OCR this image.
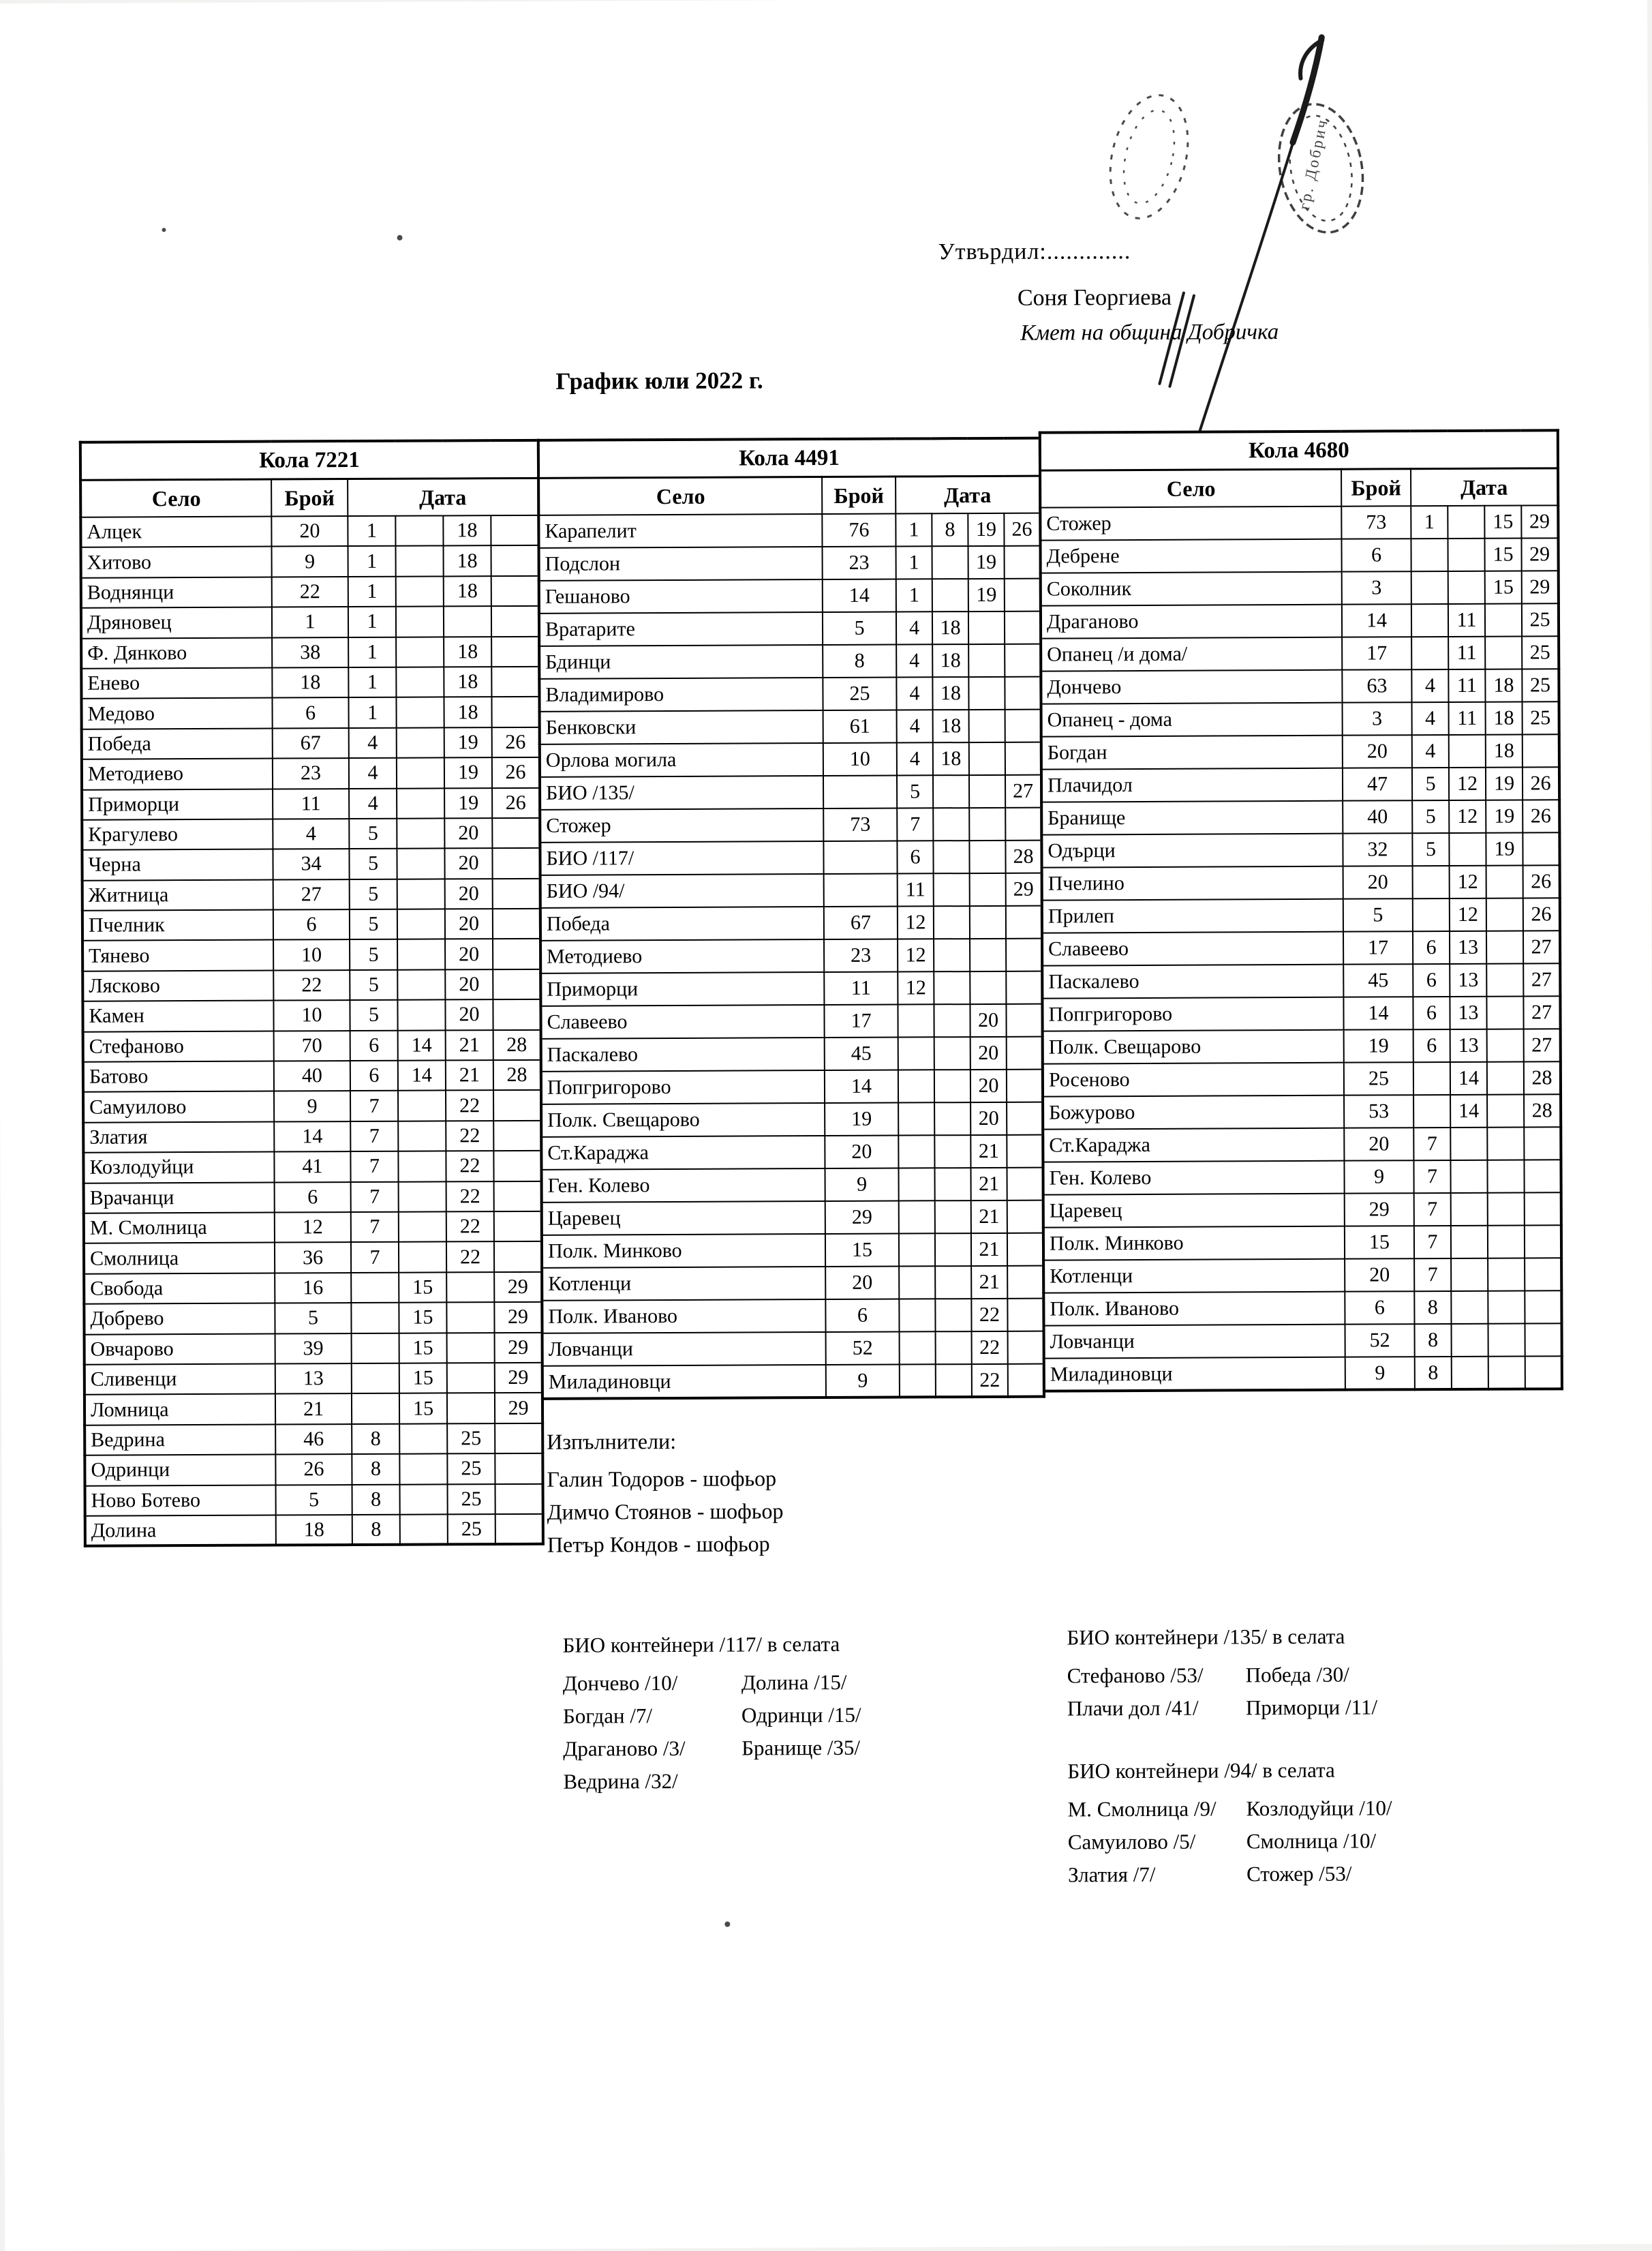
гр. Добрич
Утвърдил:.............
Соня Георгиева
Кмет на община Добричка
График юли 2022 г.
Кола 7221					
Село	Брой	Дата			
Алцек	20	1		18	
Хитово	9	1		18	
Воднянци	22	1		18	
Дряновец	1	1			
Ф. Дянково	38	1		18	
Енево	18	1		18	
Медово	6	1		18	
Победа	67	4		19	26
Методиево	23	4		19	26
Приморци	11	4		19	26
Крагулево	4	5		20	
Черна	34	5		20	
Житница	27	5		20	
Пчелник	6	5		20	
Тянево	10	5		20	
Лясково	22	5		20	
Камен	10	5		20	
Стефаново	70	6	14	21	28
Батово	40	6	14	21	28
Самуилово	9	7		22	
Златия	14	7		22	
Козлодуйци	41	7		22	
Врачанци	6	7		22	
М. Смолница	12	7		22	
Смолница	36	7		22	
Свобода	16		15		29
Добрево	5		15		29
Овчарово	39		15		29
Сливенци	13		15		29
Ломница	21		15		29
Ведрина	46	8		25	
Одринци	26	8		25	
Ново Ботево	5	8		25	
Долина	18	8		25	
Кола 4491					
Село	Брой	Дата			
Карапелит	76	1	8	19	26
Подслон	23	1		19	
Гешаново	14	1		19	
Вратарите	5	4	18		
Бдинци	8	4	18		
Владимирово	25	4	18		
Бенковски	61	4	18		
Орлова могила	10	4	18		
БИО /135/		5			27
Стожер	73	7			
БИО /117/		6			28
БИО /94/		11			29
Победа	67	12			
Методиево	23	12			
Приморци	11	12			
Славеево	17			20	
Паскалево	45			20	
Попгригорово	14			20	
Полк. Свещарово	19			20	
Ст.Караджа	20			21	
Ген. Колево	9			21	
Царевец	29			21	
Полк. Минково	15			21	
Котленци	20			21	
Полк. Иваново	6			22	
Ловчанци	52			22	
Миладиновци	9			22	
Кола 4680					
Село	Брой	Дата			
Стожер	73	1		15	29
Дебрене	6			15	29
Соколник	3			15	29
Драганово	14		11		25
Опанец /и дома/	17		11		25
Дончево	63	4	11	18	25
Опанец - дома	3	4	11	18	25
Богдан	20	4		18	
Плачидол	47	5	12	19	26
Бранище	40	5	12	19	26
Одърци	32	5		19	
Пчелино	20		12		26
Прилеп	5		12		26
Славеево	17	6	13		27
Паскалево	45	6	13		27
Попгригорово	14	6	13		27
Полк. Свещарово	19	6	13		27
Росеново	25		14		28
Божурово	53		14		28
Ст.Караджа	20	7			
Ген. Колево	9	7			
Царевец	29	7			
Полк. Минково	15	7			
Котленци	20	7			
Полк. Иваново	6	8			
Ловчанци	52	8			
Миладиновци	9	8			
Изпълнители:
Галин Тодоров - шофьор
Димчо Стоянов - шофьор
Петър Кондов - шофьор
БИО контейнери /117/ в селата
Дончево /10/
Богдан /7/
Драганово /3/
Ведрина /32/
Долина /15/
Одринци /15/
Бранище /35/
БИО контейнери /135/ в селата
Стефаново /53/
Плачи дол /41/
Победа /30/
Приморци /11/
БИО контейнери /94/ в селата
М. Смолница /9/
Самуилово /5/
Златия /7/
Козлодуйци /10/
Смолница /10/
Стожер /53/
